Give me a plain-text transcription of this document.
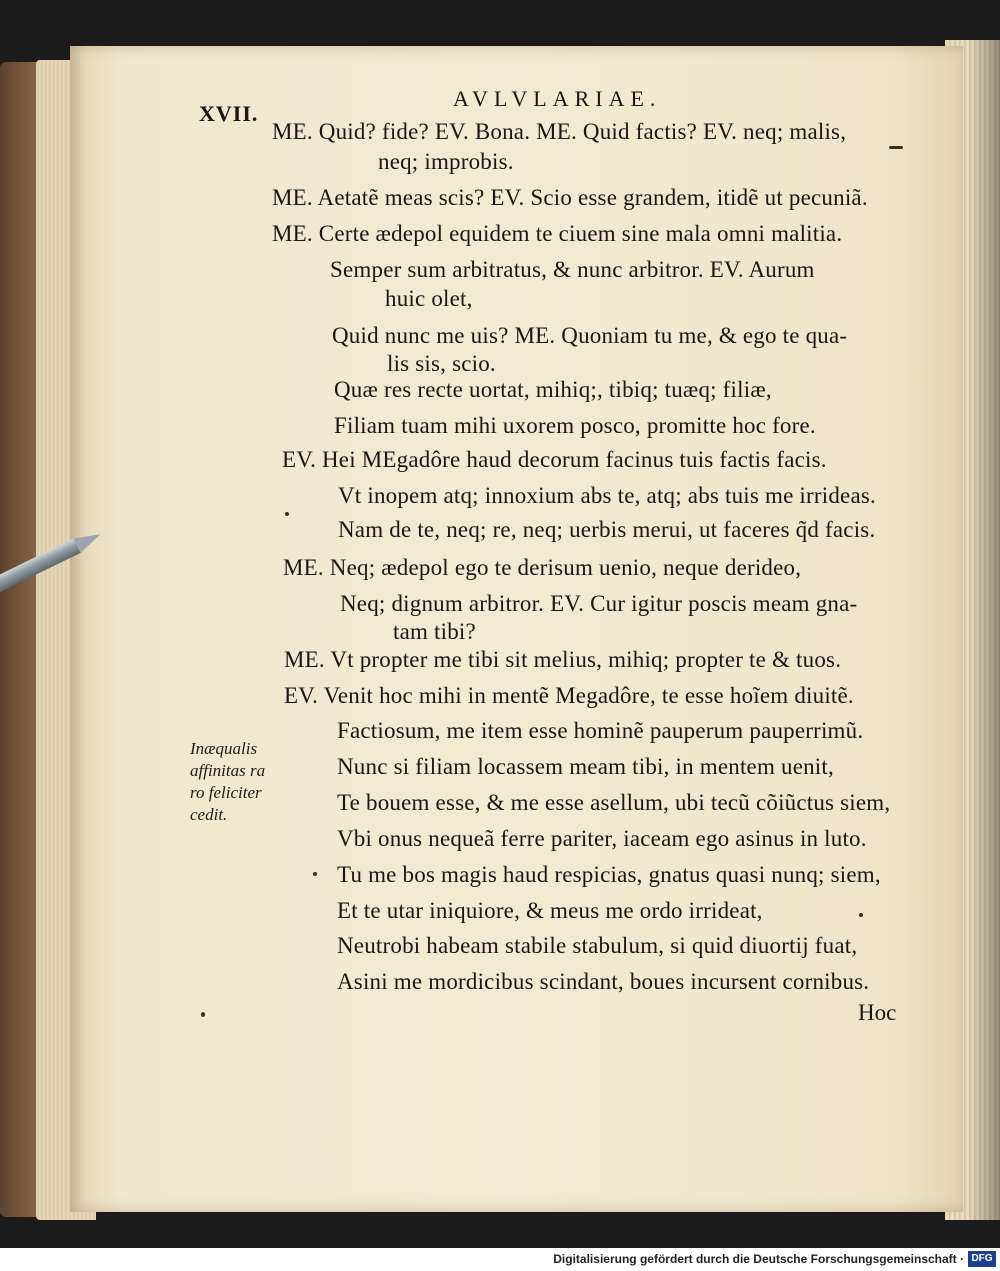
AVLVLARIAE.
XVII.
ME. Quid? fide? EV. Bona. ME. Quid factis? EV. neq; malis,
neq; improbis.
ME. Aetatẽ meas scis? EV. Scio esse grandem, itidẽ ut pecuniã.
ME. Certe ædepol equidem te ciuem sine mala omni malitia.
Semper sum arbitratus, & nunc arbitror. EV. Aurum
huic olet,
Quid nunc me uis? ME. Quoniam tu me, & ego te qua-
lis sis, scio.
Quæ res recte uortat, mihiq;, tibiq; tuæq; filiæ,
Filiam tuam mihi uxorem posco, promitte hoc fore.
EV. Hei MEgadôre haud decorum facinus tuis factis facis.
Vt inopem atq; innoxium abs te, atq; abs tuis me irrideas.
Nam de te, neq; re, neq; uerbis merui, ut faceres q̃d facis.
ME. Neq; ædepol ego te derisum uenio, neque derideo,
Neq; dignum arbitror. EV. Cur igitur poscis meam gna-
tam tibi?
ME. Vt propter me tibi sit melius, mihiq; propter te & tuos.
EV. Venit hoc mihi in mentẽ Megadôre, te esse hoĩem diuitẽ.
Factiosum, me item esse hominẽ pauperum pauperrimũ.
Nunc si filiam locassem meam tibi, in mentem uenit,
Te bouem esse, & me esse asellum, ubi tecũ cõiũctus siem,
Vbi onus nequeã ferre pariter, iaceam ego asinus in luto.
Tu me bos magis haud respicias, gnatus quasi nunq; siem,
Et te utar iniquiore, & meus me ordo irrideat,
Neutrobi habeam stabile stabulum, si quid diuortij fuat,
Asini me mordicibus scindant, boues incursent cornibus.
Inæqualis
affinitas ra
ro feliciter
cedit.
Hoc
Digitalisierung gefördert durch die Deutsche Forschungsgemeinschaft · DFG
